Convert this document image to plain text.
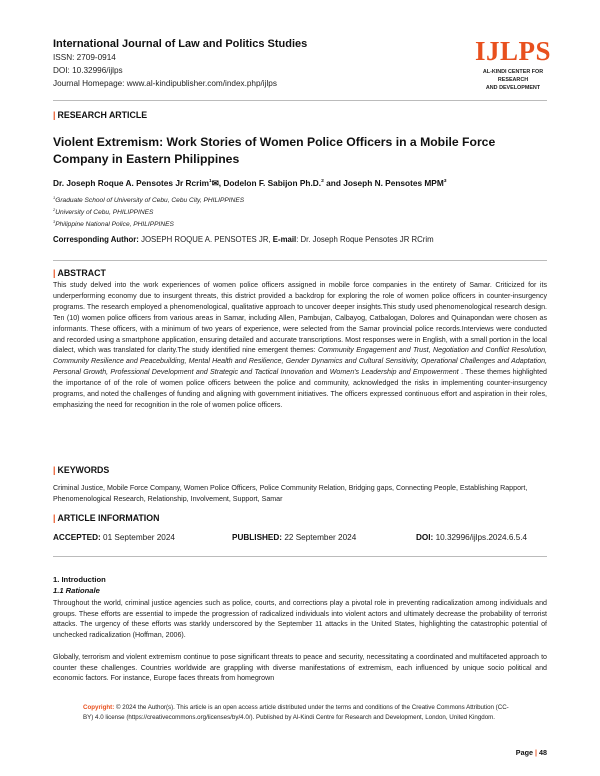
International Journal of Law and Politics Studies
ISSN: 2709-0914
DOI: 10.32996/ijlps
Journal Homepage: www.al-kindipublisher.com/index.php/ijlps
IJLPS
AL-KINDI CENTER FOR RESEARCH
AND DEVELOPMENT
| RESEARCH ARTICLE
Violent Extremism: Work Stories of Women Police Officers in a Mobile Force
Company in Eastern Philippines
Dr. Joseph Roque A. Pensotes Jr Rcrim$^1$✉, Dodelon F. Sabijon Ph.D.$^2$ and Joseph N. Pensotes MPM$^3$
$^1$Graduate School of University of Cebu, Cebu City, PHILIPPINES
$^2$University of Cebu, PHILIPPINES
$^3$Philippine National Police, PHILIPPINES
Corresponding Author: JOSEPH ROQUE A. PENSOTES JR, E-mail: Dr. Joseph Roque Pensotes JR RCrim
| ABSTRACT
This study delved into the work experiences of women police officers assigned in mobile force companies in the entirety of Samar. Criticized for its underperforming economy due to insurgent threats, this district provided a backdrop for exploring the role of women police officers in counter-insurgency programs. The research employed a phenomenological, qualitative approach to uncover deeper insights.This study used phenomenological research design. Ten (10) women police officers from various areas in Samar, including Allen, Pambujan, Calbayog, Catbalogan, Dolores and Quinapondan were chosen as informants. These officers, with a minimum of two years of experience, were selected from the Samar provincial police records.Interviews were conducted and recorded using a smartphone application, ensuring detailed and accurate transcriptions. Most responses were in English, with a small portion in the local dialect, which was translated for clarity.The study identified nine emergent themes: Community Engagement and Trust, Negotiation and Conflict Resolution, Community Resilience and Peacebuilding, Mental Health and Resilience, Gender Dynamics and Cultural Sensitivity, Operational Challenges and Adaptation, Personal Growth, Professional Development and Strategic and Tactical Innovation and Women's Leadership and Empowerment . These themes highlighted the importance of of the role of women police officers between the police and community, acknowledged the risks in implementing counter-insurgency programs, and noted the challenges of funding and aligning with government initiatives. The officers expressed continuous effort and aspiration in their roles, emphasizing the need for recognition in the role of women police officers.
| KEYWORDS
Criminal Justice, Mobile Force Company, Women Police Officers, Police Community Relation, Bridging gaps, Connecting People, Establishing Rapport, Phenomenological Research, Relationship, Involvement, Support, Samar
| ARTICLE INFORMATION
ACCEPTED: 01 September 2024	PUBLISHED: 22 September 2024	DOI: 10.32996/ijlps.2024.6.5.4
1. Introduction
1.1 Rationale
Throughout the world, criminal justice agencies such as police, courts, and corrections play a pivotal role in preventing radicalization among individuals and groups. These efforts are essential to impede the progression of radicalized individuals into violent actors and ultimately decrease the probability of terrorist attacks. The urgency of these efforts was starkly underscored by the September 11 attacks in the United States, highlighting the catastrophic potential of unchecked radicalization (Hoffman, 2006).
Globally, terrorism and violent extremism continue to pose significant threats to peace and security, necessitating a coordinated and multifaceted approach to counter these challenges. Countries worldwide are grappling with diverse manifestations of extremism, each influenced by unique socio political and economic factors. For instance, Europe faces threats from homegrown
Copyright: © 2024 the Author(s). This article is an open access article distributed under the terms and conditions of the Creative Commons Attribution (CC-BY) 4.0 license (https://creativecommons.org/licenses/by/4.0/). Published by Al-Kindi Centre for Research and Development, London, United Kingdom.
Page | 48
